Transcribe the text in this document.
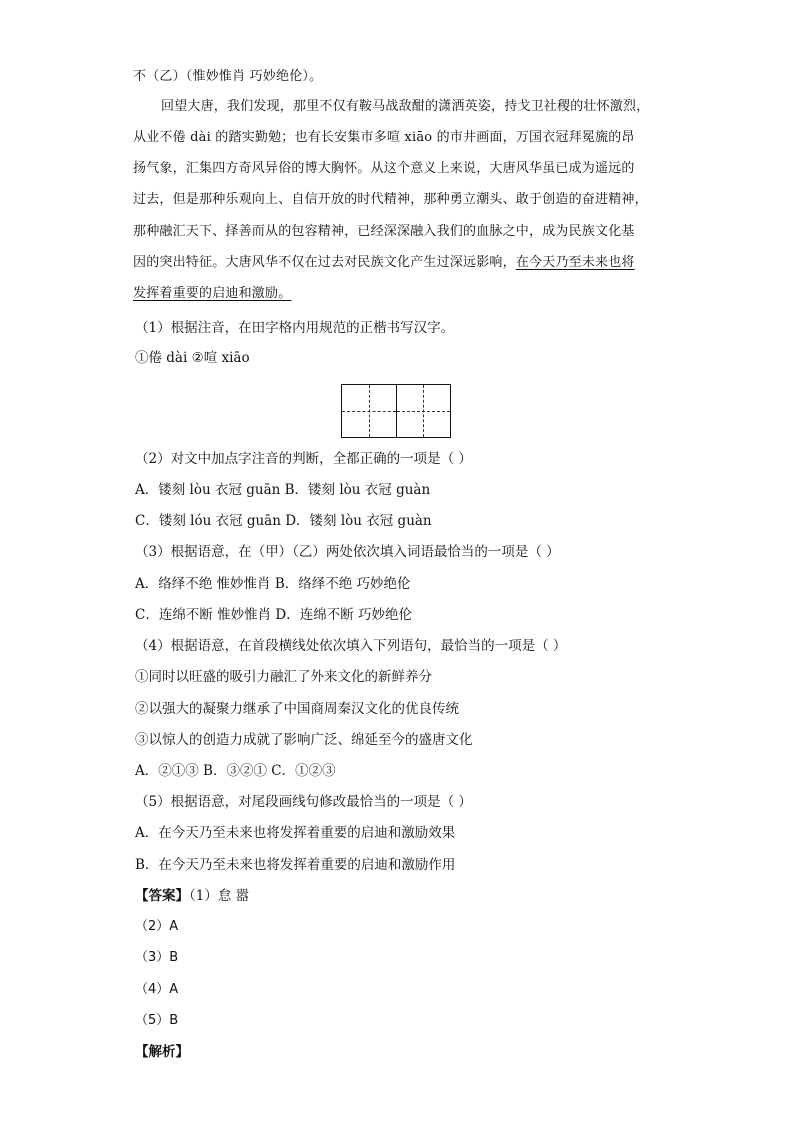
不（乙）（惟妙惟肖 巧妙绝伦）。
回望大唐，我们发现，那里不仅有鞍马战敌酣的潇洒英姿，持戈卫社稷的壮怀激烈，
从业不倦 dài 的踏实勤勉；也有长安集市多喧 xiāo 的市井画面，万国衣冠拜冕旒的昂
扬气象，汇集四方奇风异俗的博大胸怀。从这个意义上来说，大唐风华虽已成为遥远的
过去，但是那种乐观向上、自信开放的时代精神，那种勇立潮头、敢于创造的奋进精神，
那种融汇天下、择善而从的包容精神，已经深深融入我们的血脉之中，成为民族文化基
因的突出特征。大唐风华不仅在过去对民族文化产生过深远影响，在今天乃至未来也将
发挥着重要的启迪和激励。
（1）根据注音，在田字格内用规范的正楷书写汉字。
①倦 dài ②喧 xiāo
（2）对文中加点字注音的判断，全都正确的一项是（ ）
A．镂刻 lòu 衣冠 guān B．镂刻 lòu 衣冠 guàn
C．镂刻 lóu 衣冠 guān D．镂刻 lòu 衣冠 guàn
（3）根据语意，在（甲）（乙）两处依次填入词语最恰当的一项是（ ）
A．络绎不绝 惟妙惟肖 B．络绎不绝 巧妙绝伦
C．连绵不断 惟妙惟肖 D．连绵不断 巧妙绝伦
（4）根据语意，在首段横线处依次填入下列语句，最恰当的一项是（ ）
①同时以旺盛的吸引力融汇了外来文化的新鲜养分
②以强大的凝聚力继承了中国商周秦汉文化的优良传统
③以惊人的创造力成就了影响广泛、绵延至今的盛唐文化
A．②①③ B．③②① C．①②③
（5）根据语意，对尾段画线句修改最恰当的一项是（ ）
A．在今天乃至未来也将发挥着重要的启迪和激励效果
B．在今天乃至未来也将发挥着重要的启迪和激励作用
【答案】（1）怠 嚣
（2）A
（3）B
（4）A
（5）B
【解析】
